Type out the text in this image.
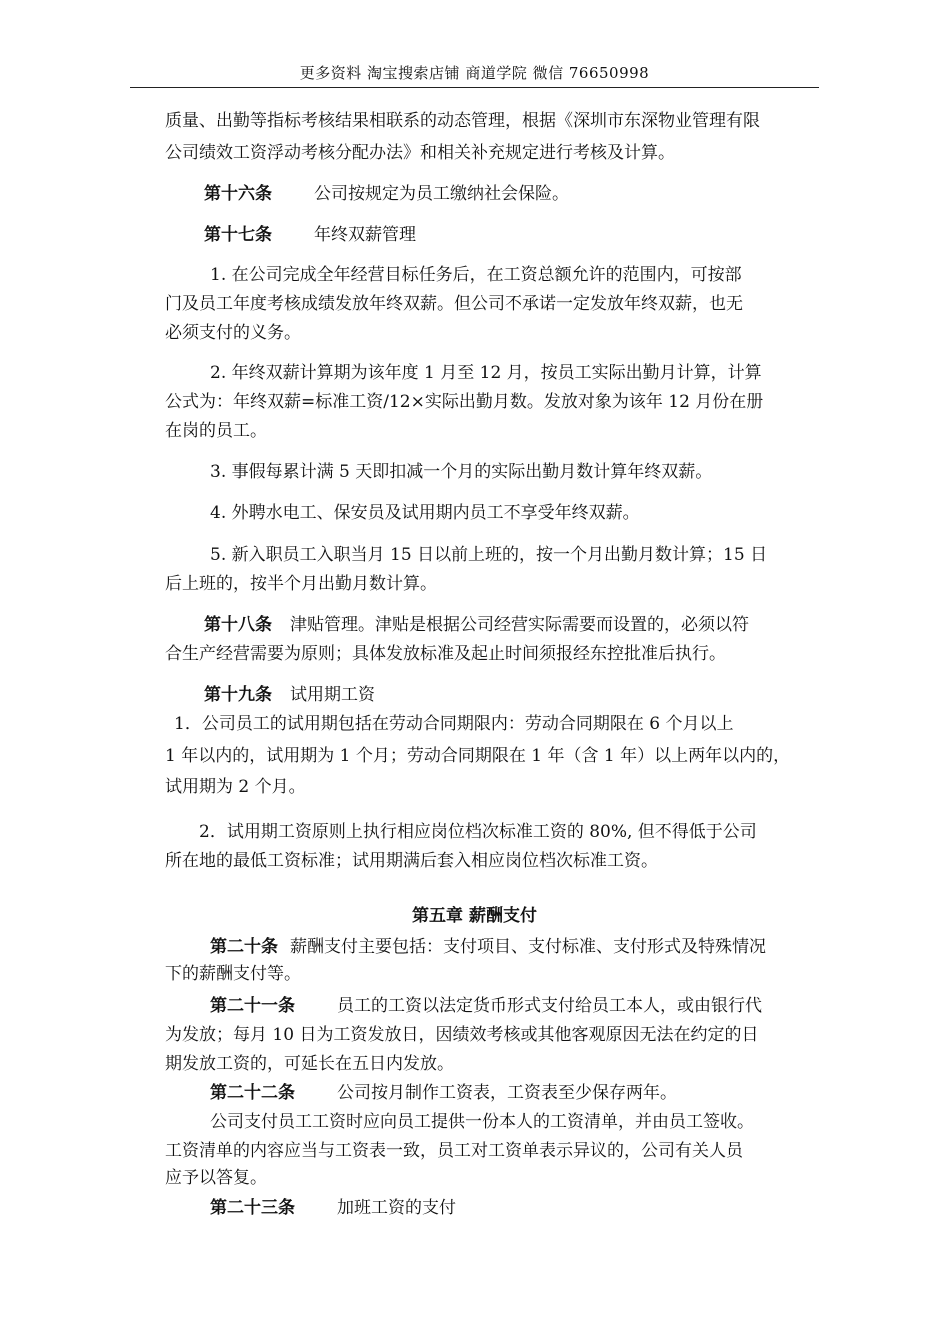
更多资料 淘宝搜索店铺 商道学院 微信 76650998
质量、出勤等指标考核结果相联系的动态管理，根据《深圳市东深物业管理有限
公司绩效工资浮动考核分配办法》和相关补充规定进行考核及计算。
第十六条 公司按规定为员工缴纳社会保险。
第十七条 年终双薪管理
1. 在公司完成全年经营目标任务后，在工资总额允许的范围内，可按部
门及员工年度考核成绩发放年终双薪。但公司不承诺一定发放年终双薪，也无
必须支付的义务。
2. 年终双薪计算期为该年度 1 月至 12 月，按员工实际出勤月计算，计算
公式为：年终双薪=标准工资/12×实际出勤月数。发放对象为该年 12 月份在册
在岗的员工。
3. 事假每累计满 5 天即扣减一个月的实际出勤月数计算年终双薪。
4. 外聘水电工、保安员及试用期内员工不享受年终双薪。
5. 新入职员工入职当月 15 日以前上班的，按一个月出勤月数计算；15 日
后上班的，按半个月出勤月数计算。
第十八条 津贴管理。津贴是根据公司经营实际需要而设置的，必须以符
合生产经营需要为原则；具体发放标准及起止时间须报经东控批准后执行。
第十九条 试用期工资
1．公司员工的试用期包括在劳动合同期限内：劳动合同期限在 6 个月以上
1 年以内的，试用期为 1 个月；劳动合同期限在 1 年（含 1 年）以上两年以内的，
试用期为 2 个月。
2．试用期工资原则上执行相应岗位档次标准工资的 80%, 但不得低于公司
所在地的最低工资标准；试用期满后套入相应岗位档次标准工资。
第五章 薪酬支付
第二十条 薪酬支付主要包括：支付项目、支付标准、支付形式及特殊情况
下的薪酬支付等。
第二十一条 员工的工资以法定货币形式支付给员工本人，或由银行代
为发放；每月 10 日为工资发放日，因绩效考核或其他客观原因无法在约定的日
期发放工资的，可延长在五日内发放。
第二十二条 公司按月制作工资表，工资表至少保存两年。
公司支付员工工资时应向员工提供一份本人的工资清单，并由员工签收。
工资清单的内容应当与工资表一致，员工对工资单表示异议的，公司有关人员
应予以答复。
第二十三条 加班工资的支付
